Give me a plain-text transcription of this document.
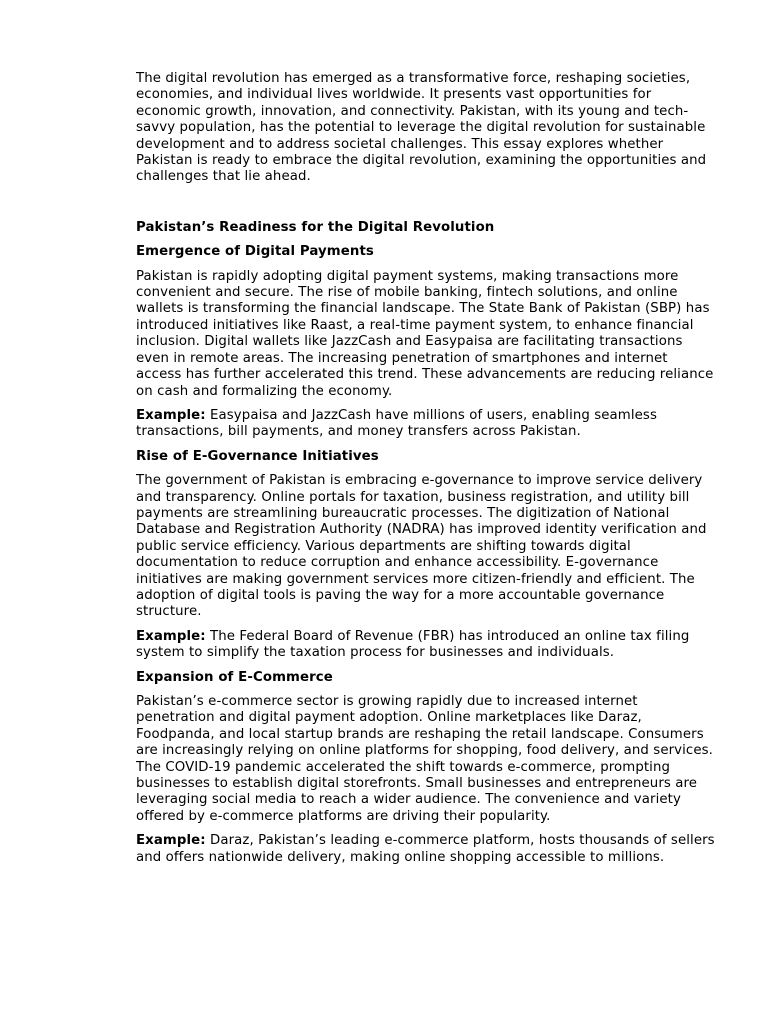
The digital revolution has emerged as a transformative force, reshaping societies, economies, and individual lives worldwide. It presents vast opportunities for economic growth, innovation, and connectivity. Pakistan, with its young and tech-savvy population, has the potential to leverage the digital revolution for sustainable development and to address societal challenges. This essay explores whether Pakistan is ready to embrace the digital revolution, examining the opportunities and challenges that lie ahead.

Pakistan’s Readiness for the Digital Revolution
Emergence of Digital Payments

Pakistan is rapidly adopting digital payment systems, making transactions more convenient and secure. The rise of mobile banking, fintech solutions, and online wallets is transforming the financial landscape. The State Bank of Pakistan (SBP) has introduced initiatives like Raast, a real-time payment system, to enhance financial inclusion. Digital wallets like JazzCash and Easypaisa are facilitating transactions even in remote areas. The increasing penetration of smartphones and internet access has further accelerated this trend. These advancements are reducing reliance on cash and formalizing the economy.

Example: Easypaisa and JazzCash have millions of users, enabling seamless transactions, bill payments, and money transfers across Pakistan.

Rise of E-Governance Initiatives

The government of Pakistan is embracing e-governance to improve service delivery and transparency. Online portals for taxation, business registration, and utility bill payments are streamlining bureaucratic processes. The digitization of National Database and Registration Authority (NADRA) has improved identity verification and public service efficiency. Various departments are shifting towards digital documentation to reduce corruption and enhance accessibility. E-governance initiatives are making government services more citizen-friendly and efficient. The adoption of digital tools is paving the way for a more accountable governance structure.

Example: The Federal Board of Revenue (FBR) has introduced an online tax filing system to simplify the taxation process for businesses and individuals.

Expansion of E-Commerce

Pakistan’s e-commerce sector is growing rapidly due to increased internet penetration and digital payment adoption. Online marketplaces like Daraz, Foodpanda, and local startup brands are reshaping the retail landscape. Consumers are increasingly relying on online platforms for shopping, food delivery, and services. The COVID-19 pandemic accelerated the shift towards e-commerce, prompting businesses to establish digital storefronts. Small businesses and entrepreneurs are leveraging social media to reach a wider audience. The convenience and variety offered by e-commerce platforms are driving their popularity.

Example: Daraz, Pakistan’s leading e-commerce platform, hosts thousands of sellers and offers nationwide delivery, making online shopping accessible to millions.
